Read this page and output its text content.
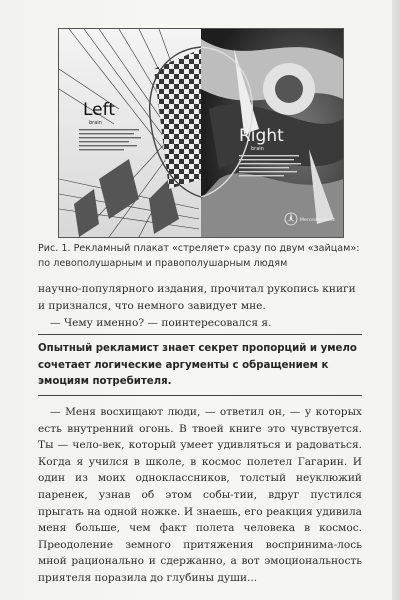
Left
brain
Right
brain
Mercedes-Benz
Рис. 1. Рекламный плакат «стреляет» сразу по двум «зайцам»: по левополушарным и правополушарным людям
научно-популярного издания, прочитал рукопись книги и признался, что немного завидует мне.
— Чему именно? — поинтересовался я.
Опытный рекламист знает секрет пропорций и умело сочетает логические аргументы с обращением к эмоциям потребителя.
— Меня восхищают люди, — ответил он, — у которых есть внутренний огонь. В твоей книге это чувствуется. Ты — чело-век, который умеет удивляться и радоваться. Когда я учился в школе, в космос полетел Гагарин. И один из моих одноклассников, толстый неуклюжий паренек, узнав об этом собы-тии, вдруг пустился прыгать на одной ножке. И знаешь, его реакция удивила меня больше, чем факт полета человека в космос. Преодоление земного притяжения воспринима-лось мной рационально и сдержанно, а вот эмоциональность приятеля поразила до глубины души...
